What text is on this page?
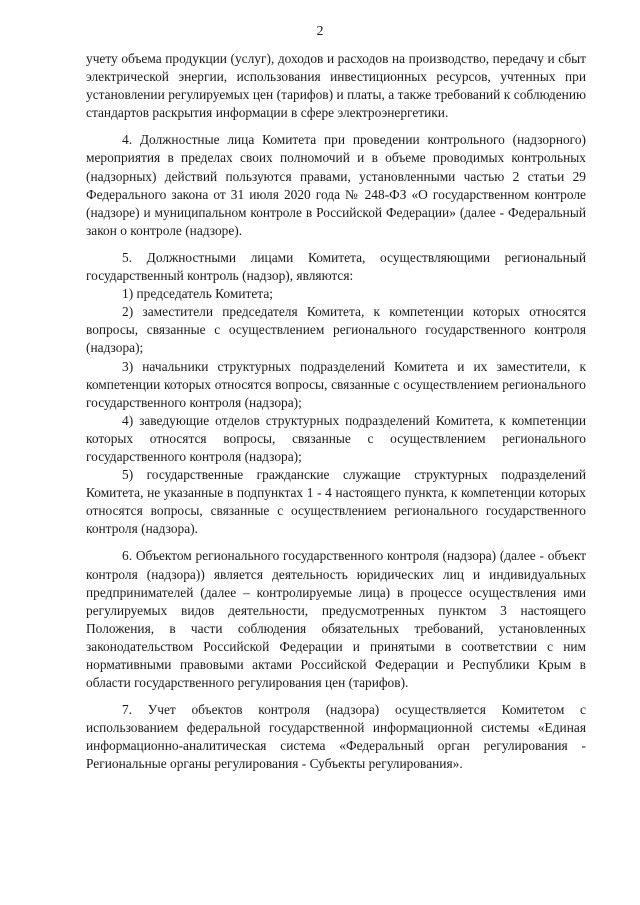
2

учету объема продукции (услуг), доходов и расходов на производство, передачу и сбыт электрической энергии, использования инвестиционных ресурсов, учтенных при установлении регулируемых цен (тарифов) и платы, а также требований к соблюдению стандартов раскрытия информации в сфере электроэнергетики.

4. Должностные лица Комитета при проведении контрольного (надзорного) мероприятия в пределах своих полномочий и в объеме проводимых контрольных (надзорных) действий пользуются правами, установленными частью 2 статьи 29 Федерального закона от 31 июля 2020 года № 248-ФЗ «О государственном контроле (надзоре) и муниципальном контроле в Российской Федерации» (далее - Федеральный закон о контроле (надзоре).

5. Должностными лицами Комитета, осуществляющими региональный государственный контроль (надзор), являются:

1) председатель Комитета;

2) заместители председателя Комитета, к компетенции которых относятся вопросы, связанные с осуществлением регионального государственного контроля (надзора);

3) начальники структурных подразделений Комитета и их заместители, к компетенции которых относятся вопросы, связанные с осуществлением регионального государственного контроля (надзора);

4) заведующие отделов структурных подразделений Комитета, к компетенции которых относятся вопросы, связанные с осуществлением регионального государственного контроля (надзора);

5) государственные гражданские служащие структурных подразделений Комитета, не указанные в подпунктах 1 - 4 настоящего пункта, к компетенции которых относятся вопросы, связанные с осуществлением регионального государственного контроля (надзора).

6. Объектом регионального государственного контроля (надзора) (далее - объект контроля (надзора)) является деятельность юридических лиц и индивидуальных предпринимателей (далее – контролируемые лица) в процессе осуществления ими регулируемых видов деятельности, предусмотренных пунктом 3 настоящего Положения, в части соблюдения обязательных требований, установленных законодательством Российской Федерации и принятыми в соответствии с ним нормативными правовыми актами Российской Федерации и Республики Крым в области государственного регулирования цен (тарифов).

7. Учет объектов контроля (надзора) осуществляется Комитетом с использованием федеральной государственной информационной системы «Единая информационно-аналитическая система «Федеральный орган регулирования - Региональные органы регулирования - Субъекты регулирования».
